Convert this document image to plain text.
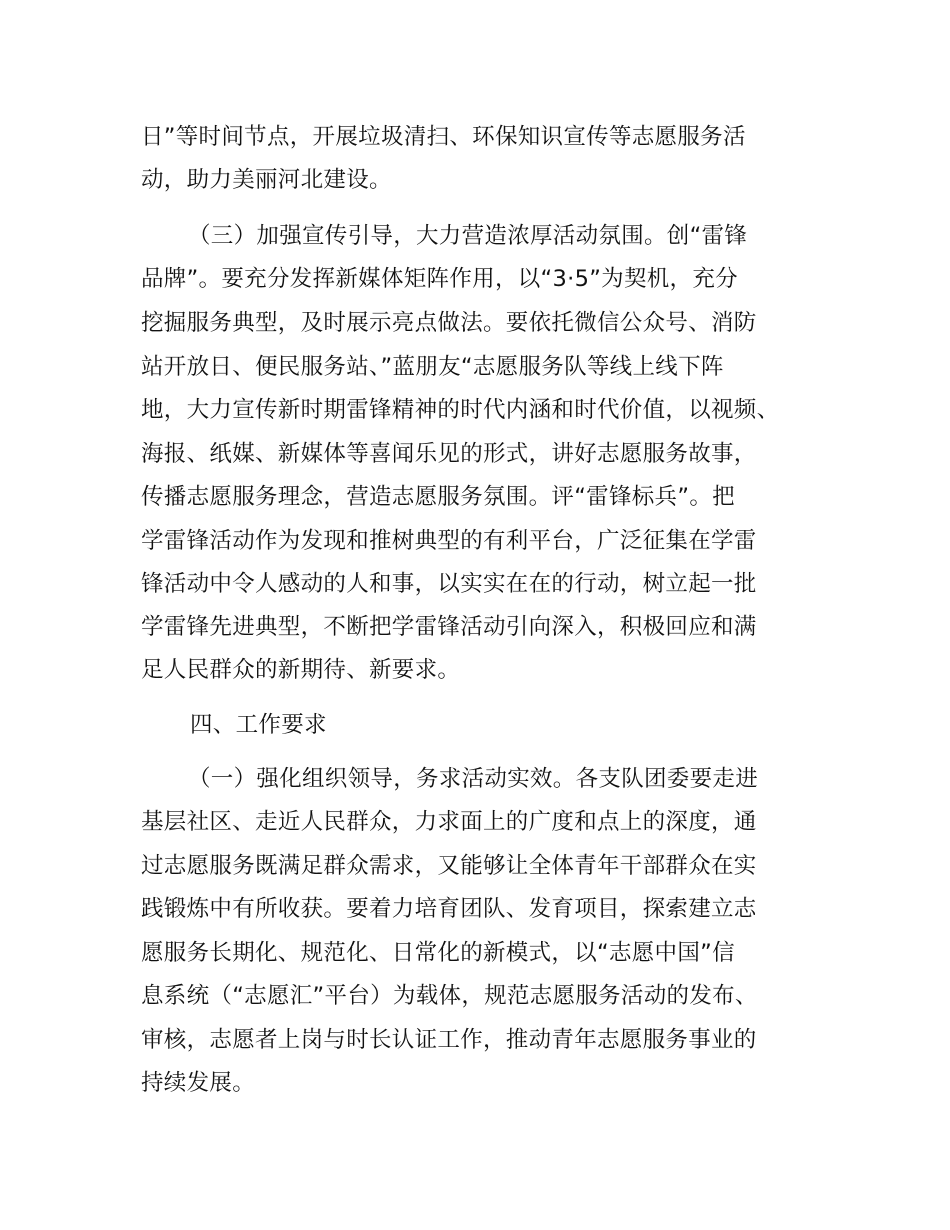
日”等时间节点，开展垃圾清扫、环保知识宣传等志愿服务活
动，助力美丽河北建设。
（三）加强宣传引导，大力营造浓厚活动氛围。创“雷锋
品牌”。要充分发挥新媒体矩阵作用，以“3·5”为契机，充分
挖掘服务典型，及时展示亮点做法。要依托微信公众号、消防
站开放日、便民服务站、”蓝朋友“志愿服务队等线上线下阵
地，大力宣传新时期雷锋精神的时代内涵和时代价值，以视频、
海报、纸媒、新媒体等喜闻乐见的形式，讲好志愿服务故事，
传播志愿服务理念，营造志愿服务氛围。评“雷锋标兵”。把
学雷锋活动作为发现和推树典型的有利平台，广泛征集在学雷
锋活动中令人感动的人和事，以实实在在的行动，树立起一批
学雷锋先进典型，不断把学雷锋活动引向深入，积极回应和满
足人民群众的新期待、新要求。
四、工作要求
（一）强化组织领导，务求活动实效。各支队团委要走进
基层社区、走近人民群众，力求面上的广度和点上的深度，通
过志愿服务既满足群众需求，又能够让全体青年干部群众在实
践锻炼中有所收获。要着力培育团队、发育项目，探索建立志
愿服务长期化、规范化、日常化的新模式，以“志愿中国”信
息系统（“志愿汇”平台）为载体，规范志愿服务活动的发布、
审核，志愿者上岗与时长认证工作，推动青年志愿服务事业的
持续发展。
